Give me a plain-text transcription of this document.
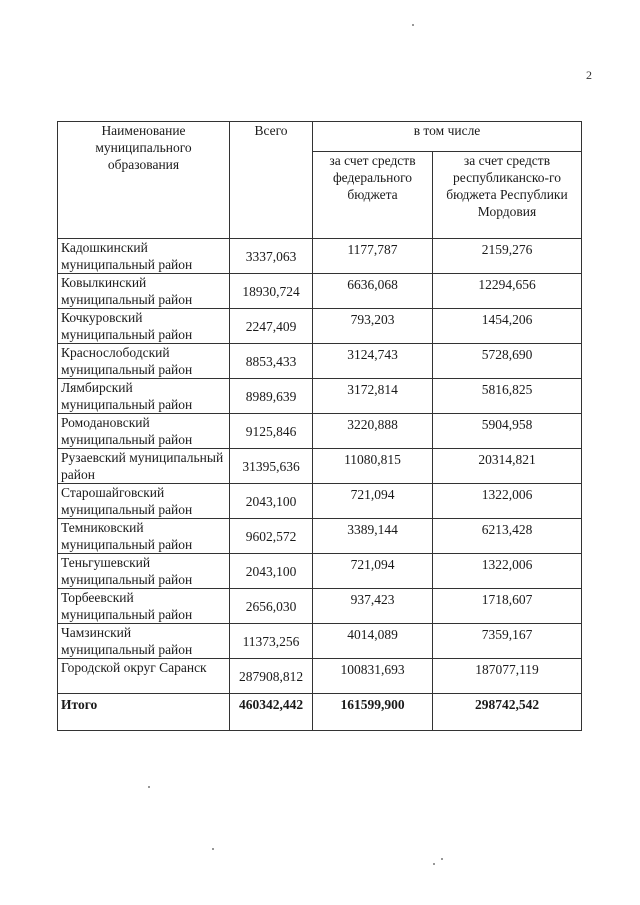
2
Наименование муниципального образования	Всего	в том числе	
		за счет средств федерального бюджета	за счет средств республиканско-го бюджета Республики Мордовия
Кадошкинский муниципальный район	3337,063	1177,787	2159,276
Ковылкинский муниципальный район	18930,724	6636,068	12294,656
Кочкуровский муниципальный район	2247,409	793,203	1454,206
Краснослободский муниципальный район	8853,433	3124,743	5728,690
Лямбирский муниципальный район	8989,639	3172,814	5816,825
Ромодановский муниципальный район	9125,846	3220,888	5904,958
Рузаевский муниципальный район	31395,636	11080,815	20314,821
Старошайговский муниципальный район	2043,100	721,094	1322,006
Темниковский муниципальный район	9602,572	3389,144	6213,428
Теньгушевский муниципальный район	2043,100	721,094	1322,006
Торбеевский муниципальный район	2656,030	937,423	1718,607
Чамзинский муниципальный район	11373,256	4014,089	7359,167
Городской округ Саранск	287908,812	100831,693	187077,119
Итого	460342,442	161599,900	298742,542
